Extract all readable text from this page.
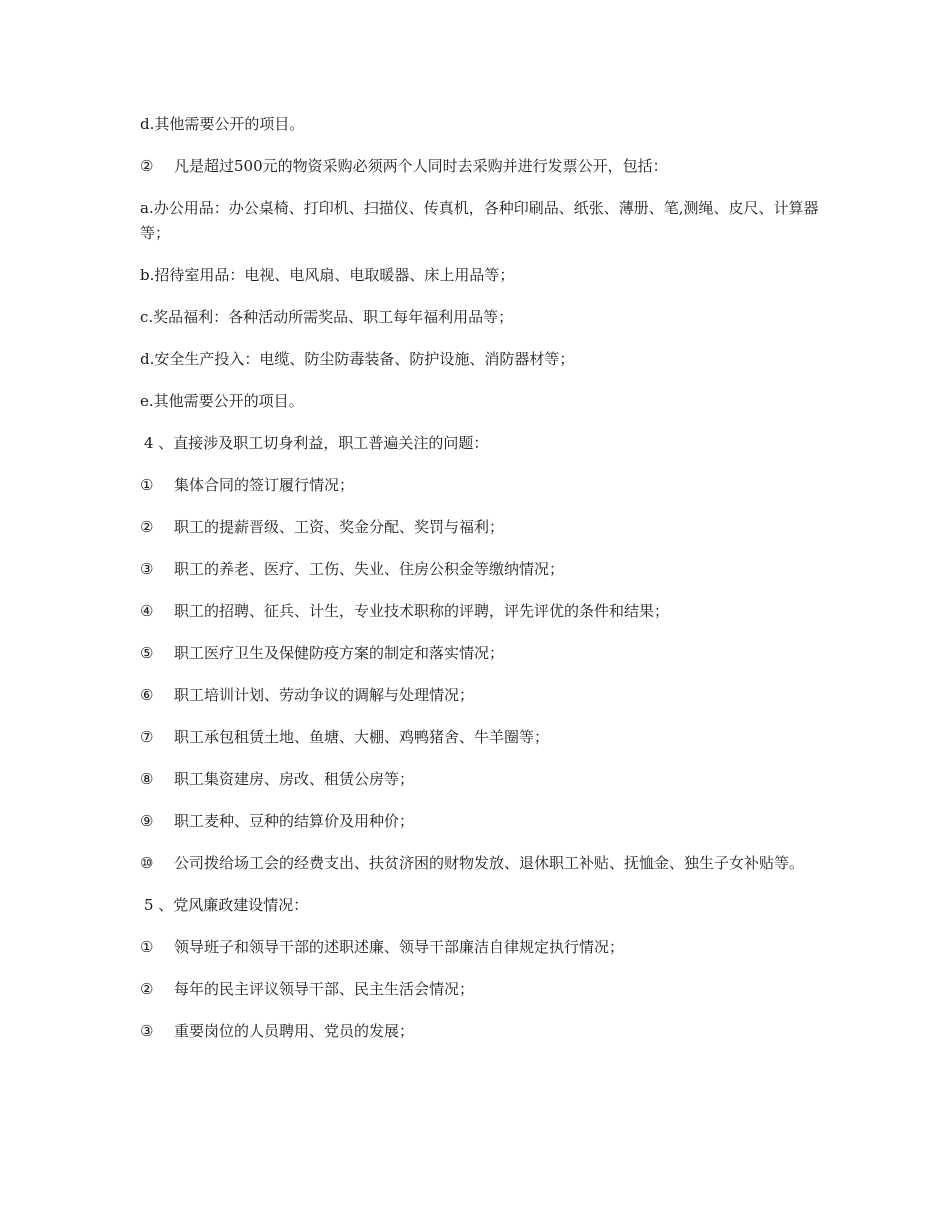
d.其他需要公开的项目。

② 凡是超过500元的物资采购必须两个人同时去采购并进行发票公开，包括：

a.办公用品：办公桌椅、打印机、扫描仪、传真机，各种印刷品、纸张、薄册、笔,测绳、皮尺、计算器等；

b.招待室用品：电视、电风扇、电取暖器、床上用品等；

c.奖品福利：各种活动所需奖品、职工每年福利用品等；

d.安全生产投入：电缆、防尘防毒装备、防护设施、消防器材等；

e.其他需要公开的项目。

4 、直接涉及职工切身利益，职工普遍关注的问题：

① 集体合同的签订履行情况；

② 职工的提薪晋级、工资、奖金分配、奖罚与福利；

③ 职工的养老、医疗、工伤、失业、住房公积金等缴纳情况；

④ 职工的招聘、征兵、计生，专业技术职称的评聘，评先评优的条件和结果；

⑤ 职工医疗卫生及保健防疫方案的制定和落实情况；

⑥ 职工培训计划、劳动争议的调解与处理情况；

⑦ 职工承包租赁土地、鱼塘、大棚、鸡鸭猪舍、牛羊圈等；

⑧ 职工集资建房、房改、租赁公房等；

⑨ 职工麦种、豆种的结算价及用种价；

⑩ 公司拨给场工会的经费支出、扶贫济困的财物发放、退休职工补贴、抚恤金、独生子女补贴等。

5 、党风廉政建设情况：

① 领导班子和领导干部的述职述廉、领导干部廉洁自律规定执行情况；

② 每年的民主评议领导干部、民主生活会情况；

③ 重要岗位的人员聘用、党员的发展；
